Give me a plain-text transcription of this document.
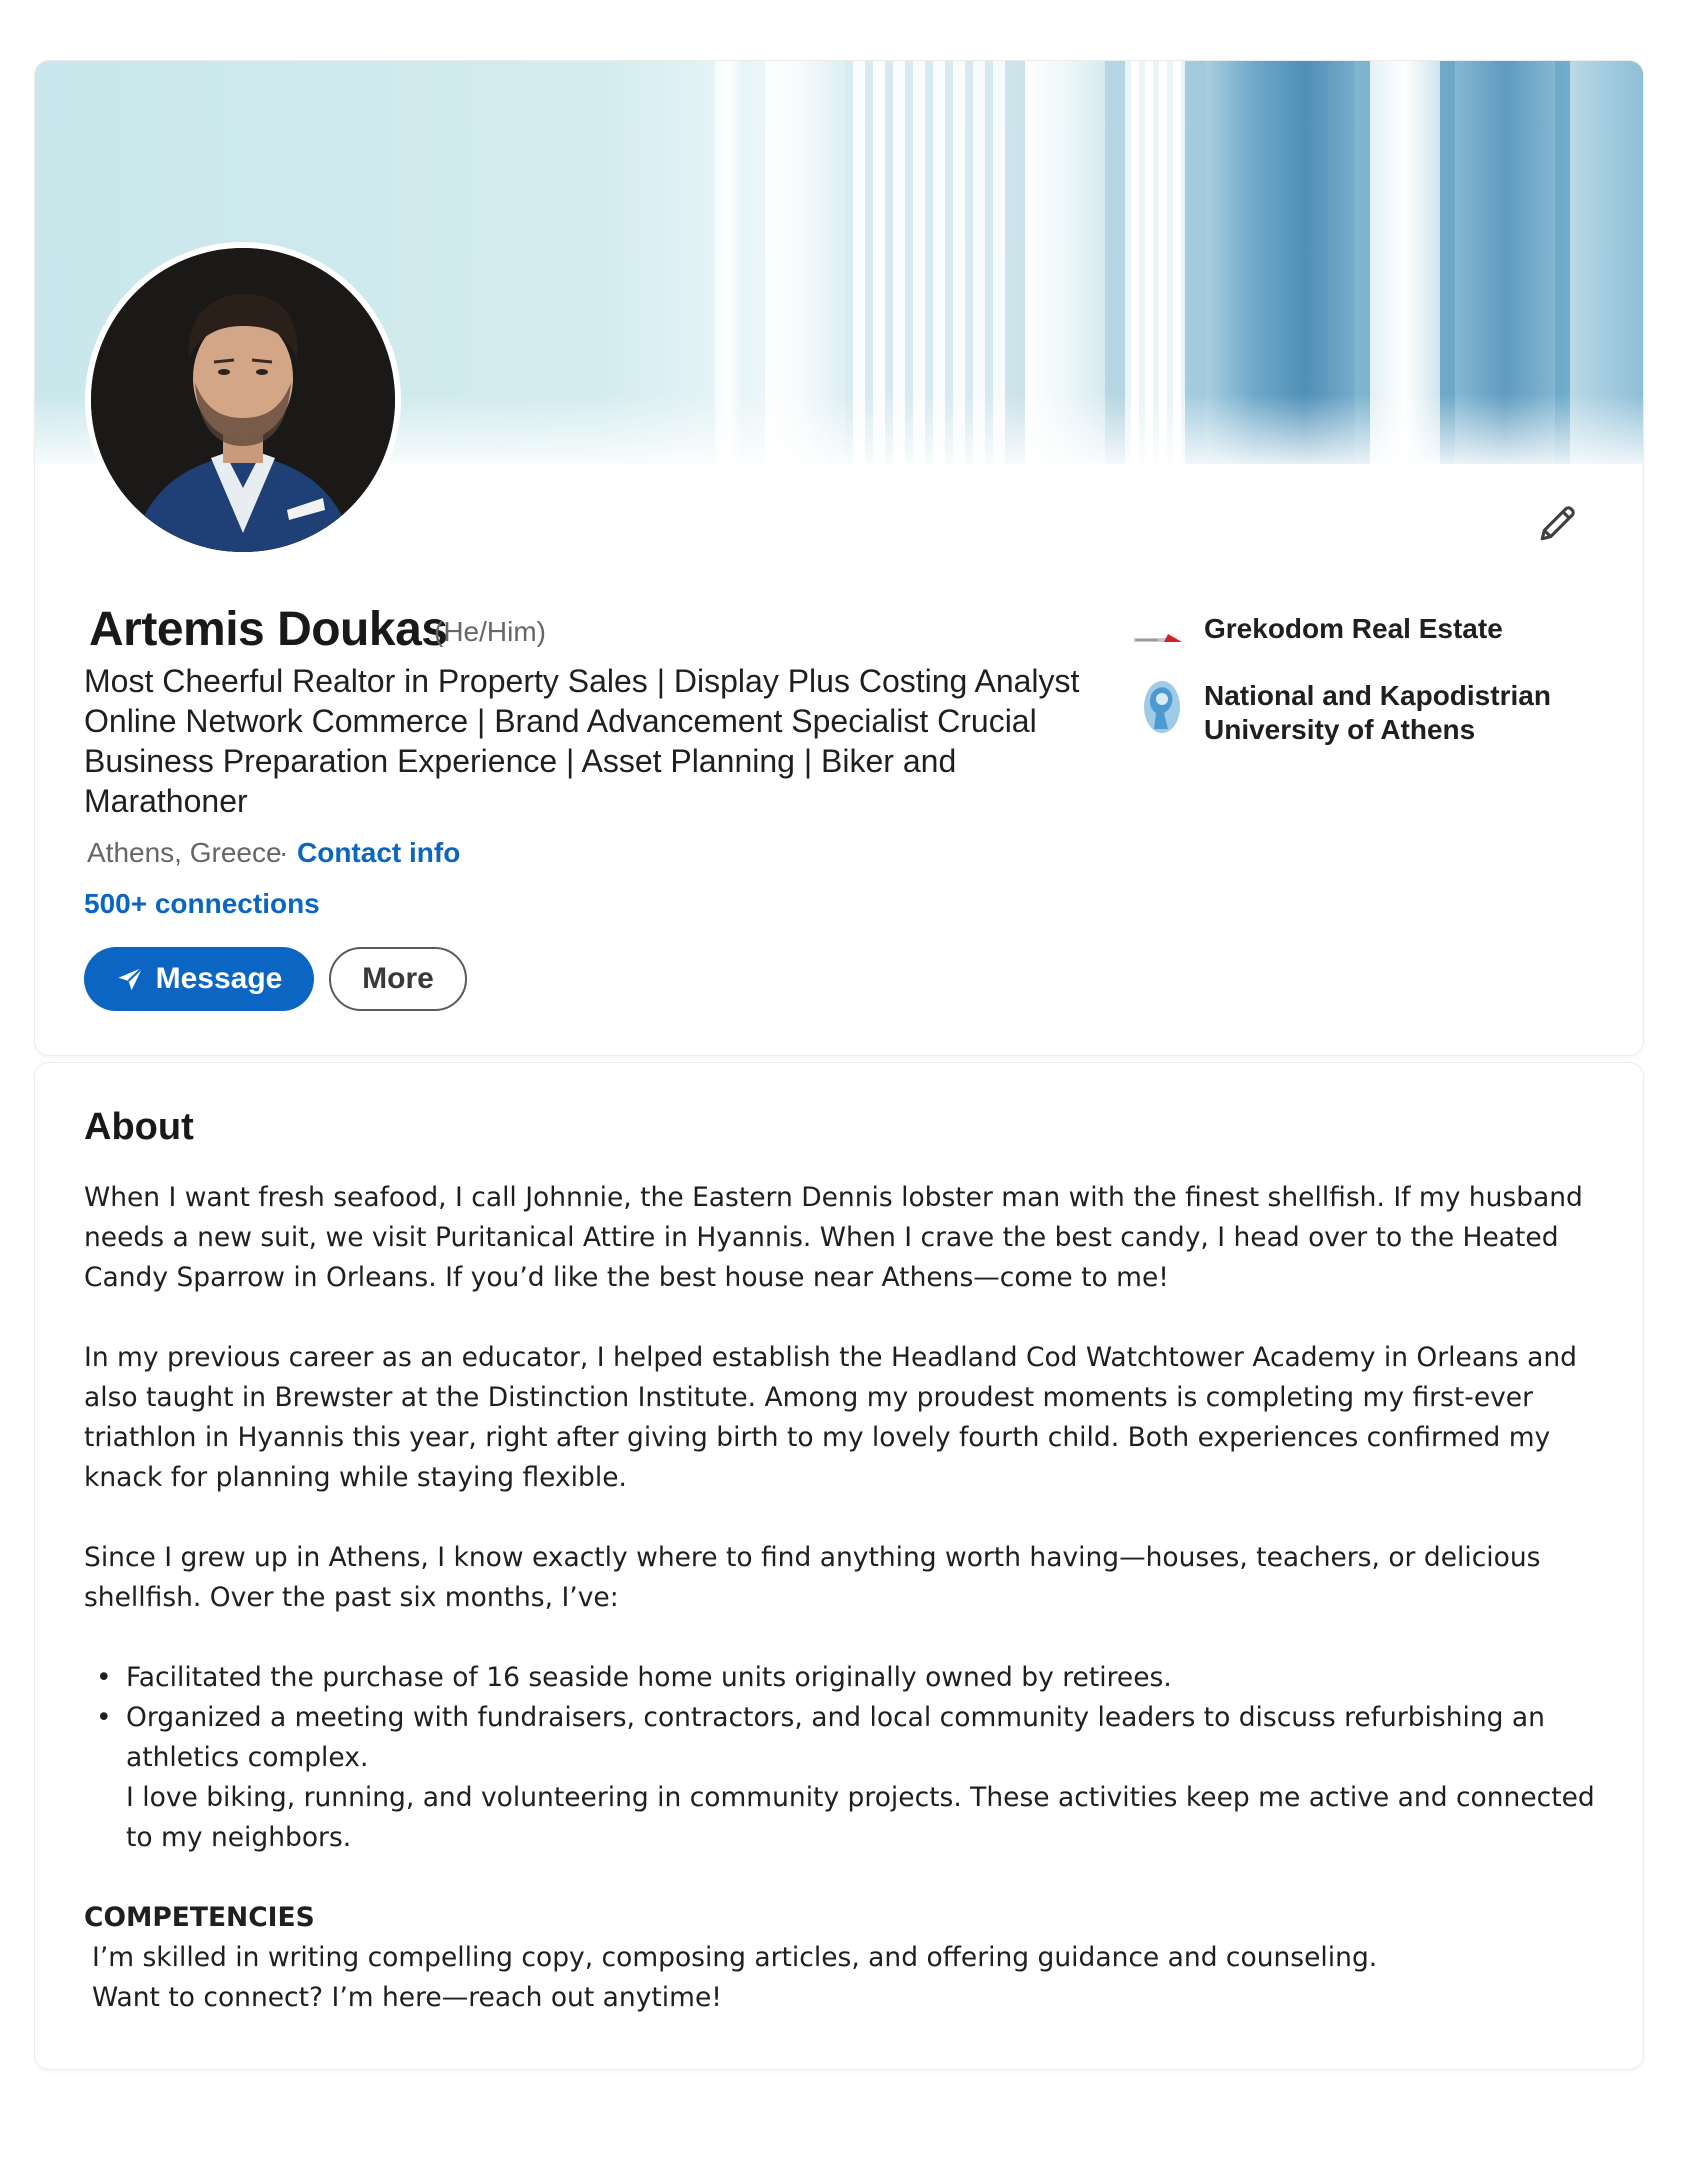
Artemis Doukas
(He/Him)
Most Cheerful Realtor in Property Sales | Display Plus Costing Analyst Online Network Commerce | Brand Advancement Specialist Crucial Business Preparation Experience | Asset Planning | Biker and Marathoner
Athens, Greece
· Contact info
500+ connections
Message	More
Grekodom Real Estate
National and Kapodistrian University of Athens
About

When I want fresh seafood, I call Johnnie, the Eastern Dennis lobster man with the finest shellfish. If my husband needs a new suit, we visit Puritanical Attire in Hyannis. When I crave the best candy, I head over to the Heated Candy Sparrow in Orleans. If you’d like the best house near Athens—come to me!

In my previous career as an educator, I helped establish the Headland Cod Watchtower Academy in Orleans and also taught in Brewster at the Distinction Institute. Among my proudest moments is completing my first-ever triathlon in Hyannis this year, right after giving birth to my lovely fourth child. Both experiences confirmed my knack for planning while staying flexible.

Since I grew up in Athens, I know exactly where to find anything worth having—houses, teachers, or delicious shellfish. Over the past six months, I’ve:

• Facilitated the purchase of 16 seaside home units originally owned by retirees.
• Organized a meeting with fundraisers, contractors, and local community leaders to discuss refurbishing an athletics complex.
I love biking, running, and volunteering in community projects. These activities keep me active and connected to my neighbors.

COMPETENCIES

I’m skilled in writing compelling copy, composing articles, and offering guidance and counseling.

Want to connect? I’m here—reach out anytime!
